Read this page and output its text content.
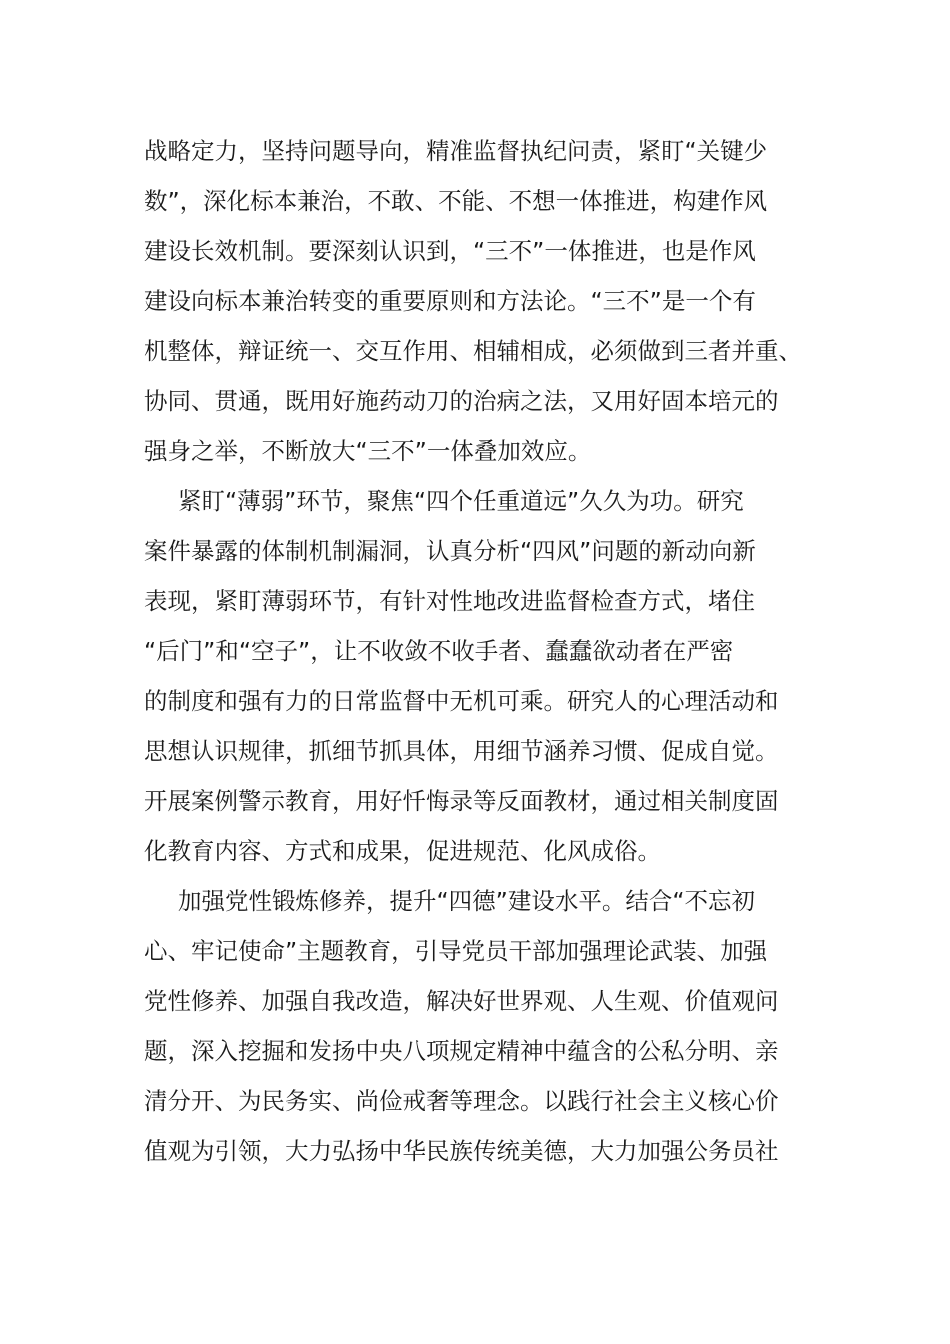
战略定力，坚持问题导向，精准监督执纪问责，紧盯“关键少
数”，深化标本兼治，不敢、不能、不想一体推进，构建作风
建设长效机制。要深刻认识到，“三不”一体推进，也是作风
建设向标本兼治转变的重要原则和方法论。“三不”是一个有
机整体，辩证统一、交互作用、相辅相成，必须做到三者并重、
协同、贯通，既用好施药动刀的治病之法，又用好固本培元的
强身之举，不断放大“三不”一体叠加效应。
紧盯“薄弱”环节，聚焦“四个任重道远”久久为功。研究
案件暴露的体制机制漏洞，认真分析“四风”问题的新动向新
表现，紧盯薄弱环节，有针对性地改进监督检查方式，堵住
“后门”和“空子”，让不收敛不收手者、蠢蠢欲动者在严密
的制度和强有力的日常监督中无机可乘。研究人的心理活动和
思想认识规律，抓细节抓具体，用细节涵养习惯、促成自觉。
开展案例警示教育，用好忏悔录等反面教材，通过相关制度固
化教育内容、方式和成果，促进规范、化风成俗。
加强党性锻炼修养，提升“四德”建设水平。结合“不忘初
心、牢记使命”主题教育，引导党员干部加强理论武装、加强
党性修养、加强自我改造，解决好世界观、人生观、价值观问
题，深入挖掘和发扬中央八项规定精神中蕴含的公私分明、亲
清分开、为民务实、尚俭戒奢等理念。以践行社会主义核心价
值观为引领，大力弘扬中华民族传统美德，大力加强公务员社
